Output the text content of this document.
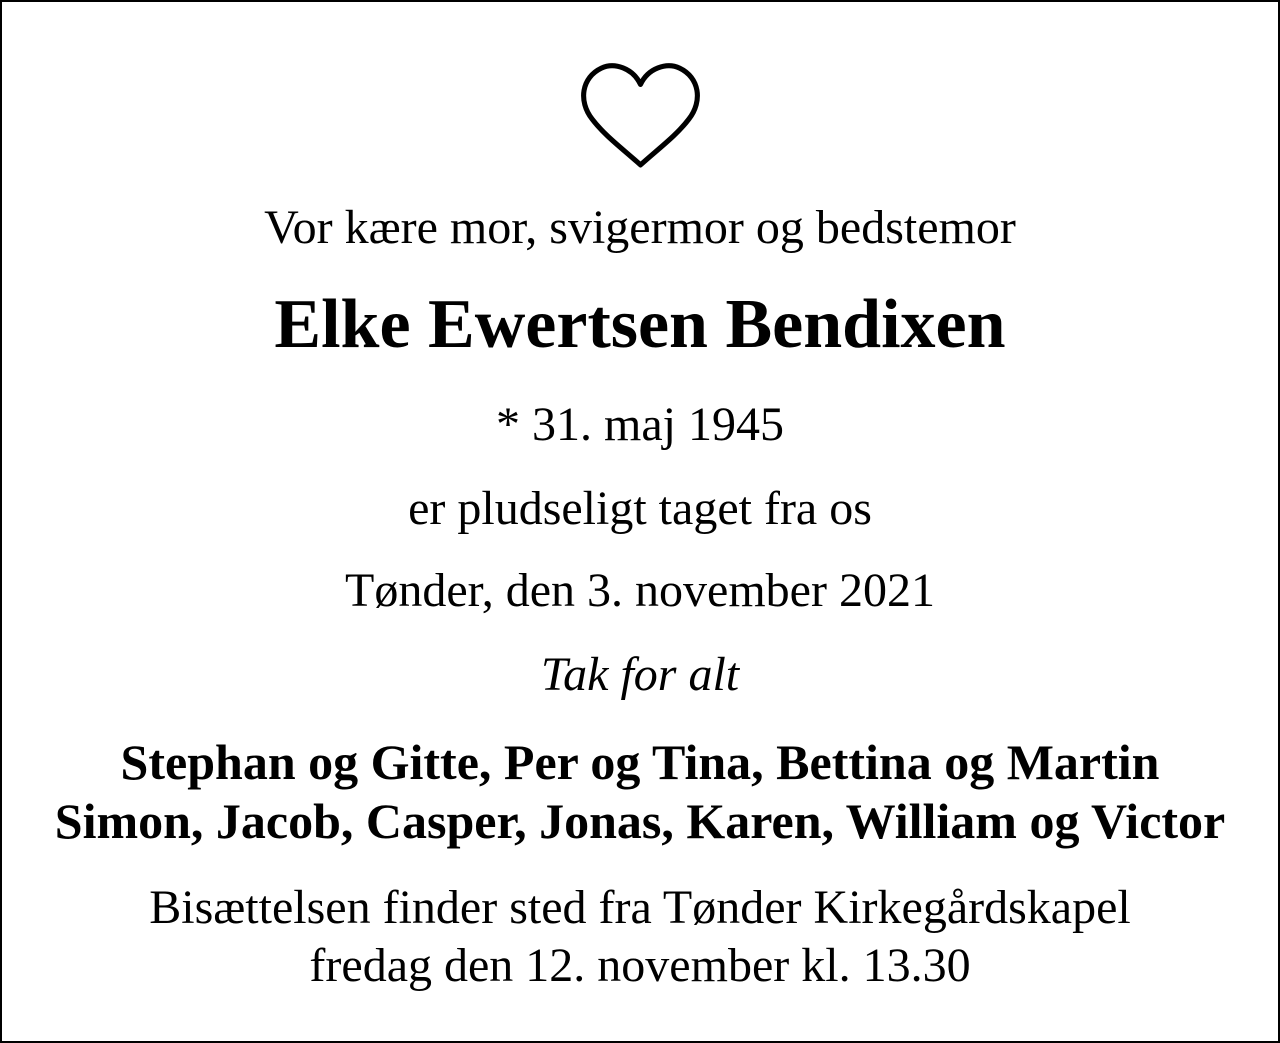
Vor kære mor, svigermor og bedstemor
Elke Ewertsen Bendixen
* 31. maj 1945
er pludseligt taget fra os
Tønder, den 3. november 2021
Tak for alt
Stephan og Gitte, Per og Tina, Bettina og Martin
Simon, Jacob, Casper, Jonas, Karen, William og Victor
Bisættelsen finder sted fra Tønder Kirkegårdskapel
fredag den 12. november kl. 13.30
